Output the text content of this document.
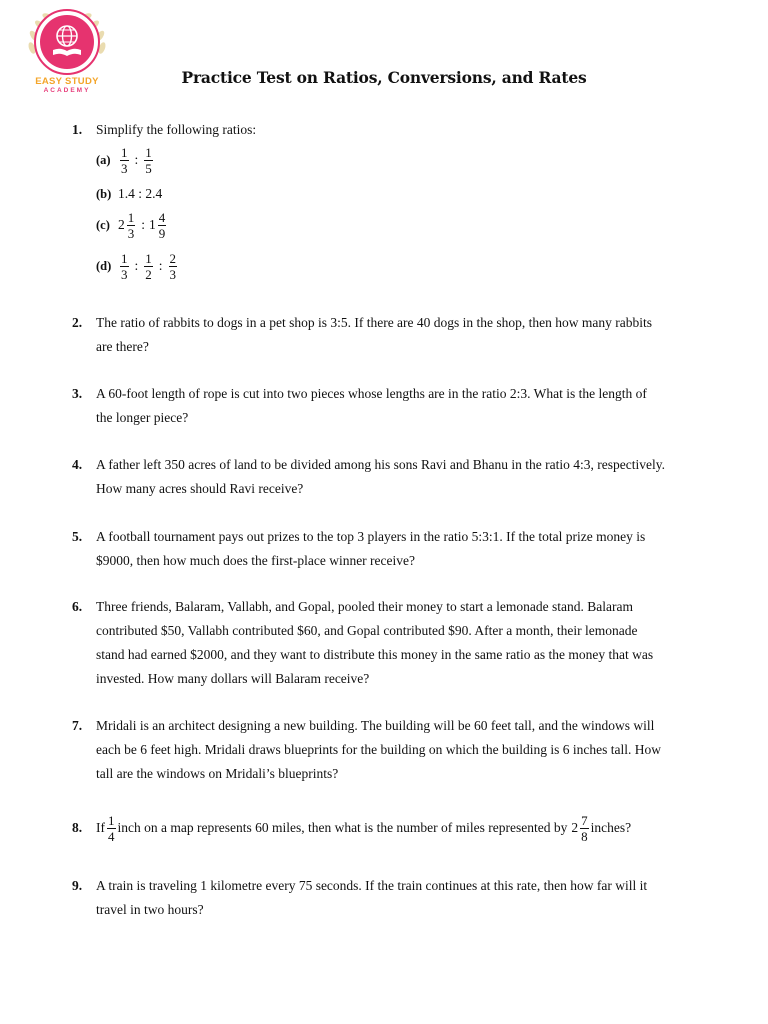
EASY STUDY
ACADEMY
Practice Test on Ratios, Conversions, and Rates
1. Simplify the following ratios:
$(a) \frac{1}{3}$ : $\frac{1}{5}$
(b) 1.4 : 2.4
(c) $2 \frac{1}{3}$ : $1 \frac{4}{9}$
$(d) \frac{1}{3}$ : $\frac{1}{2}$ : $\frac{2}{3}$
2. The ratio of rabbits to dogs in a pet shop is 3:5. If there are 40 dogs in the shop, then how many rabbits
are there?
3. A 60-foot length of rope is cut into two pieces whose lengths are in the ratio 2:3. What is the length of
the longer piece?
4. A father left 350 acres of land to be divided among his sons Ravi and Bhanu in the ratio 4:3, respectively.
How many acres should Ravi receive?
5. A football tournament pays out prizes to the top 3 players in the ratio 5:3:1. If the total prize money is
$9000, then how much does the first-place winner receive?
6. Three friends, Balaram, Vallabh, and Gopal, pooled their money to start a lemonade stand. Balaram
contributed $50, Vallabh contributed $60, and Gopal contributed $90. After a month, their lemonade
stand had earned $2000, and they want to distribute this money in the same ratio as the money that was
invested. How many dollars will Balaram receive?
7. Mridali is an architect designing a new building. The building will be 60 feet tall, and the windows will
each be 6 feet high. Mridali draws blueprints for the building on which the building is 6 inches tall. How
tall are the windows on Mridali’s blueprints?
8. If $\frac{1}{4}$ inch on a map represents 60 miles, then what is the number of miles represented by $2 \frac{7}{8}$ inches?
9. A train is traveling 1 kilometre every 75 seconds. If the train continues at this rate, then how far will it
travel in two hours?
